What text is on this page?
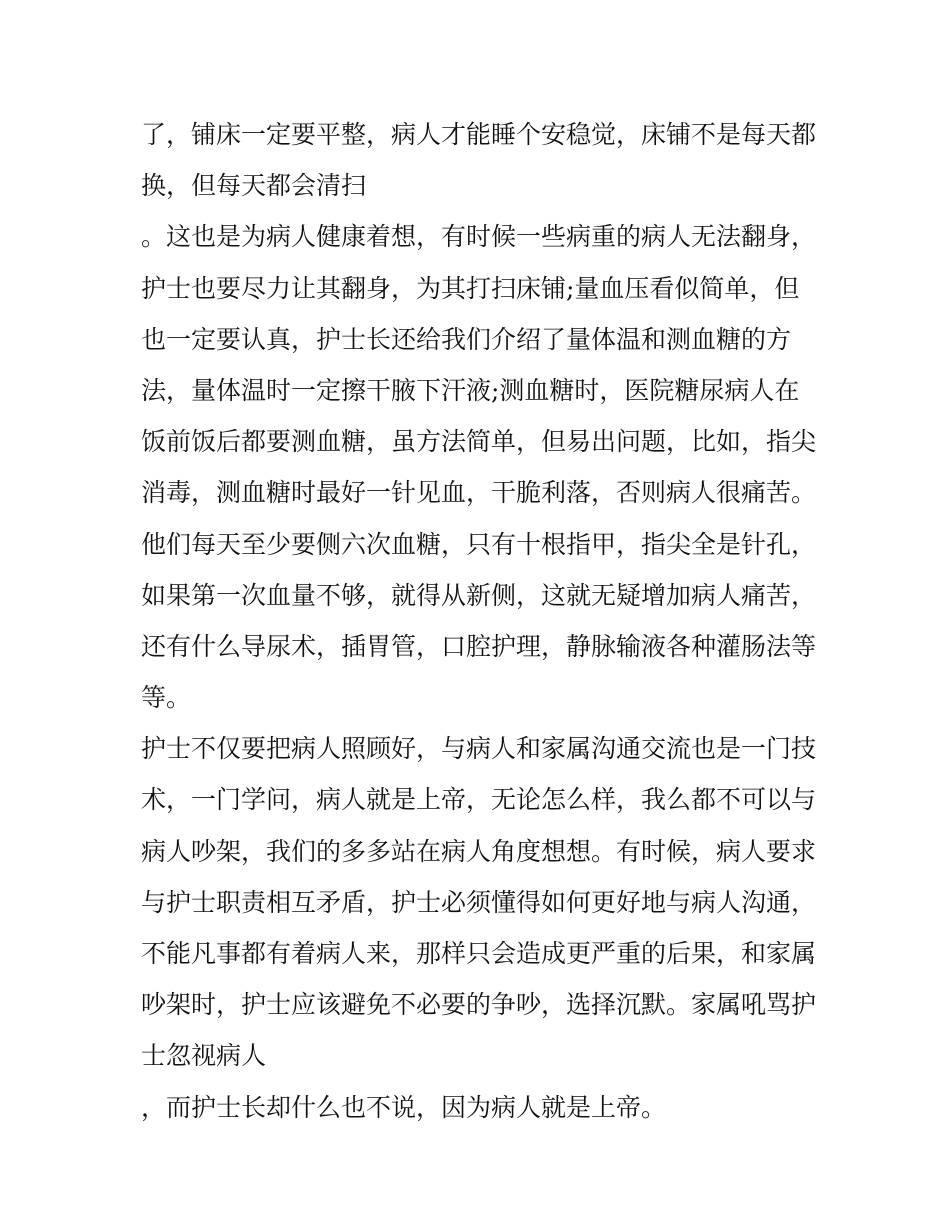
了，铺床一定要平整，病人才能睡个安稳觉，床铺不是每天都
换，但每天都会清扫
。这也是为病人健康着想，有时候一些病重的病人无法翻身，
护士也要尽力让其翻身，为其打扫床铺;量血压看似简单，但
也一定要认真，护士长还给我们介绍了量体温和测血糖的方
法，量体温时一定擦干腋下汗液;测血糖时，医院糖尿病人在
饭前饭后都要测血糖，虽方法简单，但易出问题，比如，指尖
消毒，测血糖时最好一针见血，干脆利落，否则病人很痛苦。
他们每天至少要侧六次血糖，只有十根指甲，指尖全是针孔，
如果第一次血量不够，就得从新侧，这就无疑增加病人痛苦，
还有什么导尿术，插胃管，口腔护理，静脉输液各种灌肠法等
等。
护士不仅要把病人照顾好，与病人和家属沟通交流也是一门技
术，一门学问，病人就是上帝，无论怎么样，我么都不可以与
病人吵架，我们的多多站在病人角度想想。有时候，病人要求
与护士职责相互矛盾，护士必须懂得如何更好地与病人沟通，
不能凡事都有着病人来，那样只会造成更严重的后果，和家属
吵架时，护士应该避免不必要的争吵，选择沉默。家属吼骂护
士忽视病人
，而护士长却什么也不说，因为病人就是上帝。
